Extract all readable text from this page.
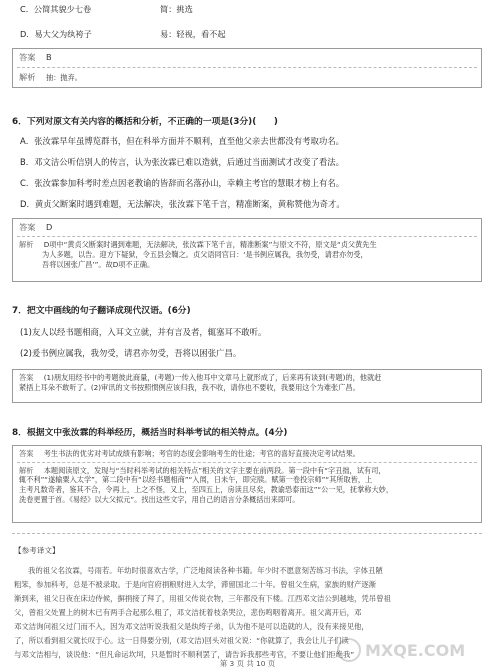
C．公简其貌少七卷	简：挑选
D．易大父为纨袴子	易：轻视，看不起
答案 B
解析 抽：抛弃。
6．下列对原文有关内容的概括和分析，不正确的一项是(3分)(　　)
A．张汝霖早年虽博览群书，但在科举方面并不顺利，直至他父亲去世都没有考取功名。
B．邓文洁公听信别人的传言，认为张汝霖已难以造就，后通过当面测试才改变了看法。
C．张汝霖参加科考时差点因老教谕的皆辞而名落孙山，幸赖主考官的慧眼才榜上有名。
D．黄贞父断案时遇到难题，无法解决，张汝霖下笔千言，精准断案，黄称赞他为奇才。
答案 D
解析 D项中“黄贞父断案时遇到难题，无法解决，张汝霖下笔千言，精准断案”与原文不符，原文是“贞父黄先生
为人多题，以告。迎方下疑狱，令五县会鞫之。贞父语同官曰：‘是书例应属我，我勿受，请君亦勿受，
吾将以困张广昌’”。故D项不正确。
7．把文中画线的句子翻译成现代汉语。(6分)
(1)友人以经书题相商，入耳文立就，并有言及者，辄塞耳不敢听。
(2)爰书例应属我，我勿受，请君亦勿受，吾将以困张广昌。
答案 (1)朋友用经书中的考题彼此商量，(考题)一传入他耳中文章马上就形成了，后来再有谈到(考题)的，他就赶
紧捂上耳朵不敢听了。(2)审讯的文书按照惯例应该归我，我不收，请你也不要收，我要用这个为难张广昌。
8．根据文中张汝霖的科举经历，概括当时科举考试的相关特点。(4分)
答案 考生书法的优劣对考试成绩有影响；考官的态度会影响考生的仕途；考官的喜好直接决定考试结果。
解析 本题阅读原文，发现与“当时科举考试的相关特点”相关的文字主要在前两段。第一段中有“字丑拙，试有司，
辄不利”“遂输粟入太学”，第二段中有“以经书题相商”“入闱，日未午，即完牍。赋第一卷投宗师”“其所取皆，上
主考凡数奇者，鉴其不合，令再上，上之不怪，又上，至四五上，房读且尽矣，教谕恐泰而这”“公一见，抚掌称大妙，
洗卷更置于首。《易经》以大父拟元”。找出这些文字，用自己的语言分条概括出来即可。
【参考译文】
我的祖父名汝霖，号雨若。年幼时很喜欢古学，广泛地阅读各种书籍。年少时不愿意刻苦练习书法，字体丑陋
粗笨，参加科考，总是不被录取。于是向官府捐粮财进入太学，滞留国北二十年。曾祖父生病，家族的财产逐渐
渐到来，祖父日夜在床边侍候，摒捐接了拜了，用祖父传说衣物，三年都没有下楼。江西邓文洁公到越地，凭吊曾祖
父，曾祖父处置上的树木已有两手合起那么粗了，邓文洁抚着枝条哭泣，悲伤鸣咽着离开。祖父离开后，邓
邓文洁询问祖父过门而不入，因为邓文洁听说我祖父是纨绔子弟，认为他不是可以造就的人，没有来接见他，
了，所以看到祖父就长叹于心。这一日得要分别，(邓文洁)回头对祖父说：“你就算了，我会让儿子们读
与邓文洁相与，谈说他：“但凡命运坎坷，只是暂时不顺利罢了，请告诉我那些考官，不要让他们拒绝我”
第 3 页 共 10 页
MXQE.COM
